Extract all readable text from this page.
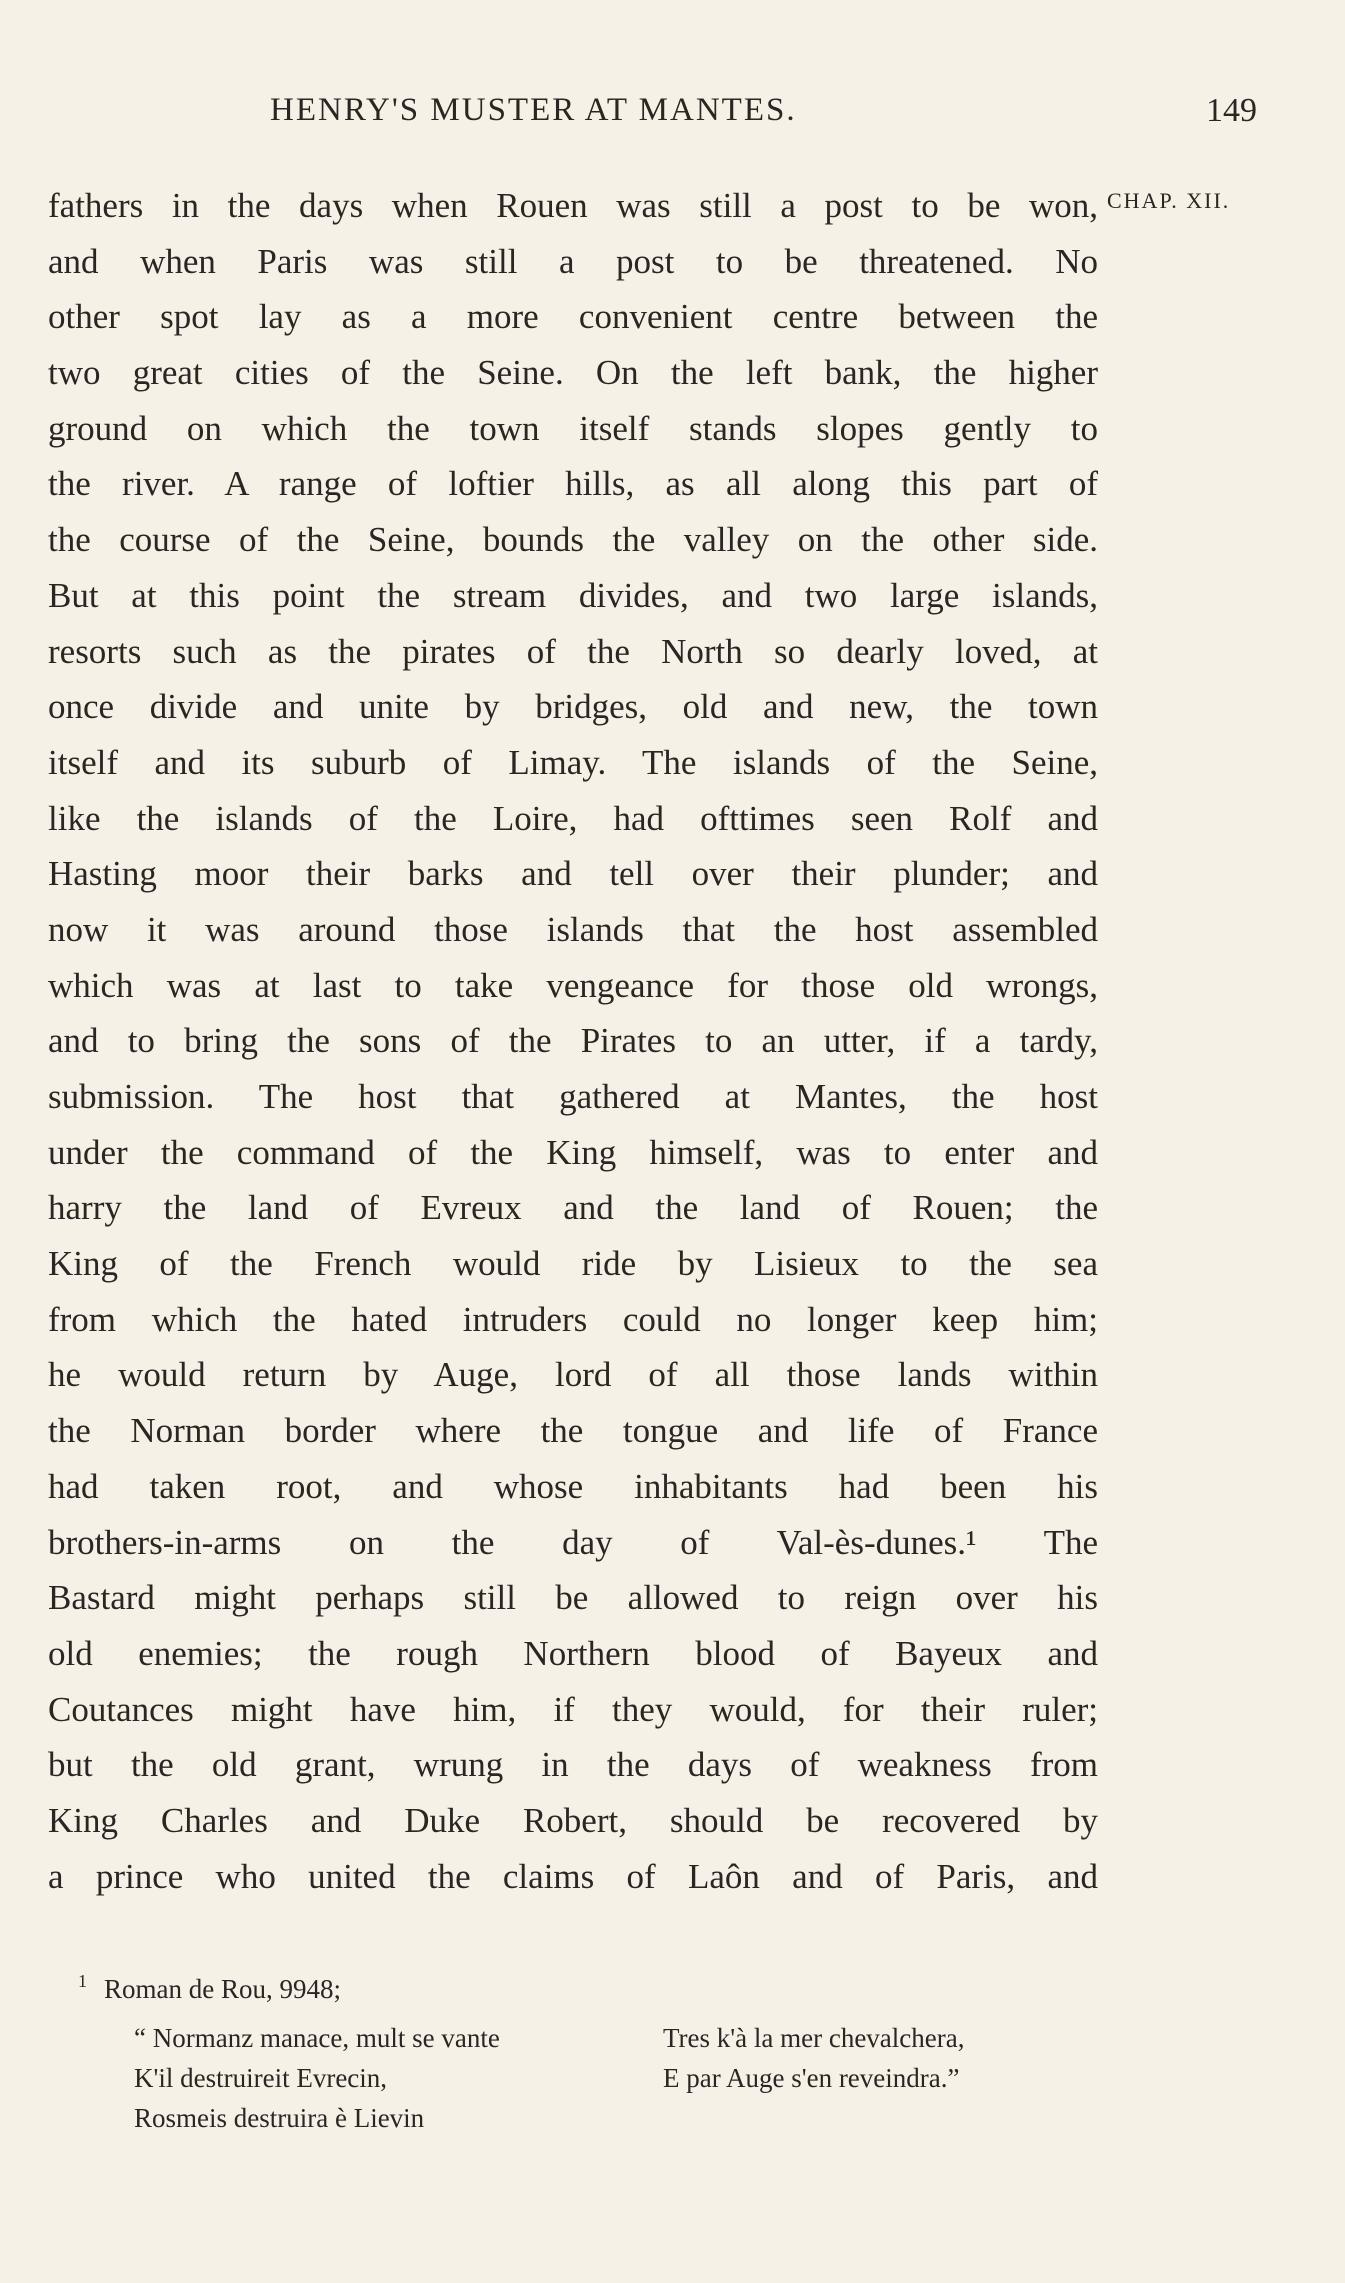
HENRY'S MUSTER AT MANTES.	149
CHAP. XII.
fathers in the days when Rouen was still a post to be won,
and when Paris was still a post to be threatened. No
other spot lay as a more convenient centre between the
two great cities of the Seine. On the left bank, the higher
ground on which the town itself stands slopes gently to
the river. A range of loftier hills, as all along this part of
the course of the Seine, bounds the valley on the other side.
But at this point the stream divides, and two large islands,
resorts such as the pirates of the North so dearly loved, at
once divide and unite by bridges, old and new, the town
itself and its suburb of Limay. The islands of the Seine,
like the islands of the Loire, had ofttimes seen Rolf and
Hasting moor their barks and tell over their plunder; and
now it was around those islands that the host assembled
which was at last to take vengeance for those old wrongs,
and to bring the sons of the Pirates to an utter, if a tardy,
submission. The host that gathered at Mantes, the host
under the command of the King himself, was to enter and
harry the land of Evreux and the land of Rouen; the
King of the French would ride by Lisieux to the sea
from which the hated intruders could no longer keep him;
he would return by Auge, lord of all those lands within
the Norman border where the tongue and life of France
had taken root, and whose inhabitants had been his
brothers-in-arms on the day of Val-ès-dunes.¹ The
Bastard might perhaps still be allowed to reign over his
old enemies; the rough Northern blood of Bayeux and
Coutances might have him, if they would, for their ruler;
but the old grant, wrung in the days of weakness from
King Charles and Duke Robert, should be recovered by
a prince who united the claims of Laôn and of Paris, and
1 Roman de Rou, 9948;
“ Normanz manace, mult se vante
K'il destruireit Evrecin,
Rosmeis destruira è Lievin
Tres k'à la mer chevalchera,
E par Auge s'en reveindra.”
